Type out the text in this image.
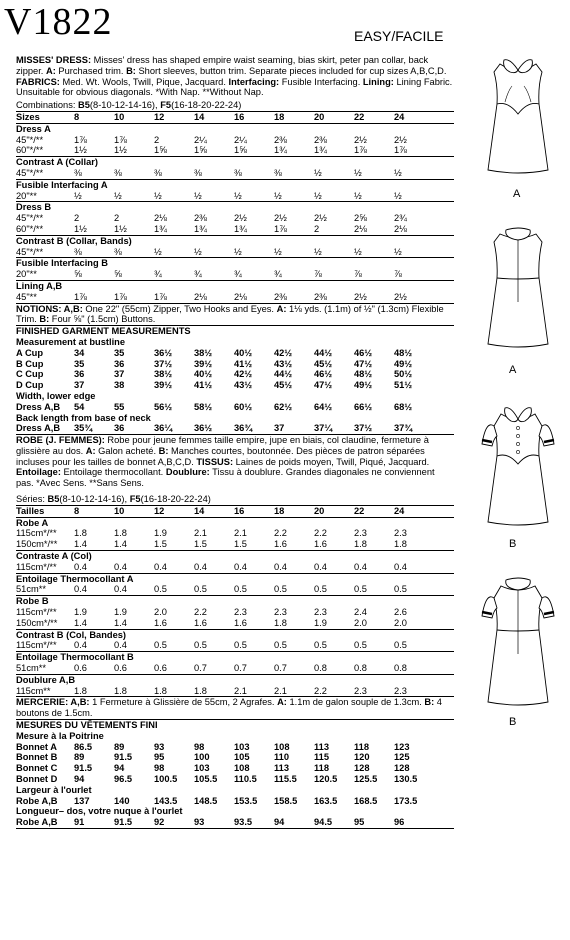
V1822	EASY/FACILE

MISSES' DRESS: Misses' dress has shaped empire waist seaming, bias skirt, peter pan collar, back zipper. A: Purchased trim. B: Short sleeves, button trim. Separate pieces included for cup sizes A,B,C,D. FABRICS: Med. Wt. Wools, Twill, Pique, Jacquard. Interfacing: Fusible Interfacing. Lining: Lining Fabric. Unsuitable for obvious diagonals. *With Nap. **Without Nap.

Combinations: B5(8-10-12-14-16), F5(16-18-20-22-24)
Sizes	8	10	12	14	16	18	20	22	24
Dress A
45"*/**	1⅞	1⅞	2	2¼	2¼	2⅜	2⅜	2½	2½
60"*/**	1½	1½	1⅝	1⅝	1⅝	1¾	1¾	1⅞	1⅞
Contrast A (Collar)
45"*/**	⅜	⅜	⅜	⅜	⅜	⅜	½	½	½
Fusible Interfacing A
20"**	½	½	½	½	½	½	½	½	½
Dress B
45"*/**	2	2	2⅛	2⅜	2½	2½	2½	2⅝	2¾
60"*/**	1½	1½	1¾	1¾	1¾	1⅞	2	2⅛	2⅛
Contrast B (Collar, Bands)
45"*/**	⅜	⅜	½	½	½	½	½	½	½
Fusible Interfacing B
20"**	⅝	⅝	¾	¾	¾	¾	⅞	⅞	⅞
Lining A,B
45"**	1⅞	1⅞	1⅞	2⅛	2⅛	2⅜	2⅜	2½	2½

NOTIONS: A,B: One 22" (55cm) Zipper, Two Hooks and Eyes. A: 1⅛ yds. (1.1m) of ½" (1.3cm) Flexible Trim. B: Four ⅝" (1.5cm) Buttons.

FINISHED GARMENT MEASUREMENTS
Measurement at bustline
A Cup	34	35	36½	38½	40½	42½	44½	46½	48½
B Cup	35	36	37½	39½	41½	43½	45½	47½	49½
C Cup	36	37	38½	40½	42½	44½	46½	48½	50½
D Cup	37	38	39½	41½	43½	45½	47½	49½	51½
Width, lower edge
Dress A,B	54	55	56½	58½	60½	62½	64½	66½	68½
Back length from base of neck
Dress A,B	35¾	36	36¼	36½	36¾	37	37¼	37½	37¾

ROBE (J. FEMMES): Robe pour jeune femmes taille empire, jupe en biais, col claudine, fermeture à glissière au dos. A: Galon acheté. B: Manches courtes, boutonnée. Des pièces de patron séparées incluses pour les tailles de bonnet A,B,C,D. TISSUS: Laines de poids moyen, Twill, Piqué, Jacquard. Entoilage: Entoilage thermocollant. Doublure: Tissu à doublure. Grandes diagonales ne conviennent pas. *Avec Sens. **Sans Sens.

Séries: B5(8-10-12-14-16), F5(16-18-20-22-24)
Tailles	8	10	12	14	16	18	20	22	24
Robe A
115cm*/**	1.8	1.8	1.9	2.1	2.1	2.2	2.2	2.3	2.3
150cm*/**	1.4	1.4	1.5	1.5	1.5	1.6	1.6	1.8	1.8
Contraste A (Col)
115cm*/**	0.4	0.4	0.4	0.4	0.4	0.4	0.4	0.4	0.4
Entoilage Thermocollant A
51cm**	0.4	0.4	0.5	0.5	0.5	0.5	0.5	0.5	0.5
Robe B
115cm*/**	1.9	1.9	2.0	2.2	2.3	2.3	2.3	2.4	2.6
150cm*/**	1.4	1.4	1.6	1.6	1.6	1.8	1.9	2.0	2.0
Contrast B (Col, Bandes)
115cm*/**	0.4	0.4	0.5	0.5	0.5	0.5	0.5	0.5	0.5
Entoilage Thermocollant B
51cm**	0.6	0.6	0.6	0.7	0.7	0.7	0.8	0.8	0.8
Doublure A,B
115cm**	1.8	1.8	1.8	1.8	2.1	2.1	2.2	2.3	2.3

MERCERIE: A,B: 1 Fermeture à Glissière de 55cm, 2 Agrafes. A: 1.1m de galon souple de 1.3cm. B: 4 boutons de 1.5cm.

MESURES DU VÊTEMENTS FINI
Mesure à la Poitrine
Bonnet A	86.5	89	93	98	103	108	113	118	123
Bonnet B	89	91.5	95	100	105	110	115	120	125
Bonnet C	91.5	94	98	103	108	113	118	128	128
Bonnet D	94	96.5	100.5	105.5	110.5	115.5	120.5	125.5	130.5
Largeur à l'ourlet
Robe A,B	137	140	143.5	148.5	153.5	158.5	163.5	168.5	173.5
Longueur– dos, votre nuque à l'ourlet
Robe A,B	91	91.5	92	93	93.5	94	94.5	95	96
A
A
B
B
